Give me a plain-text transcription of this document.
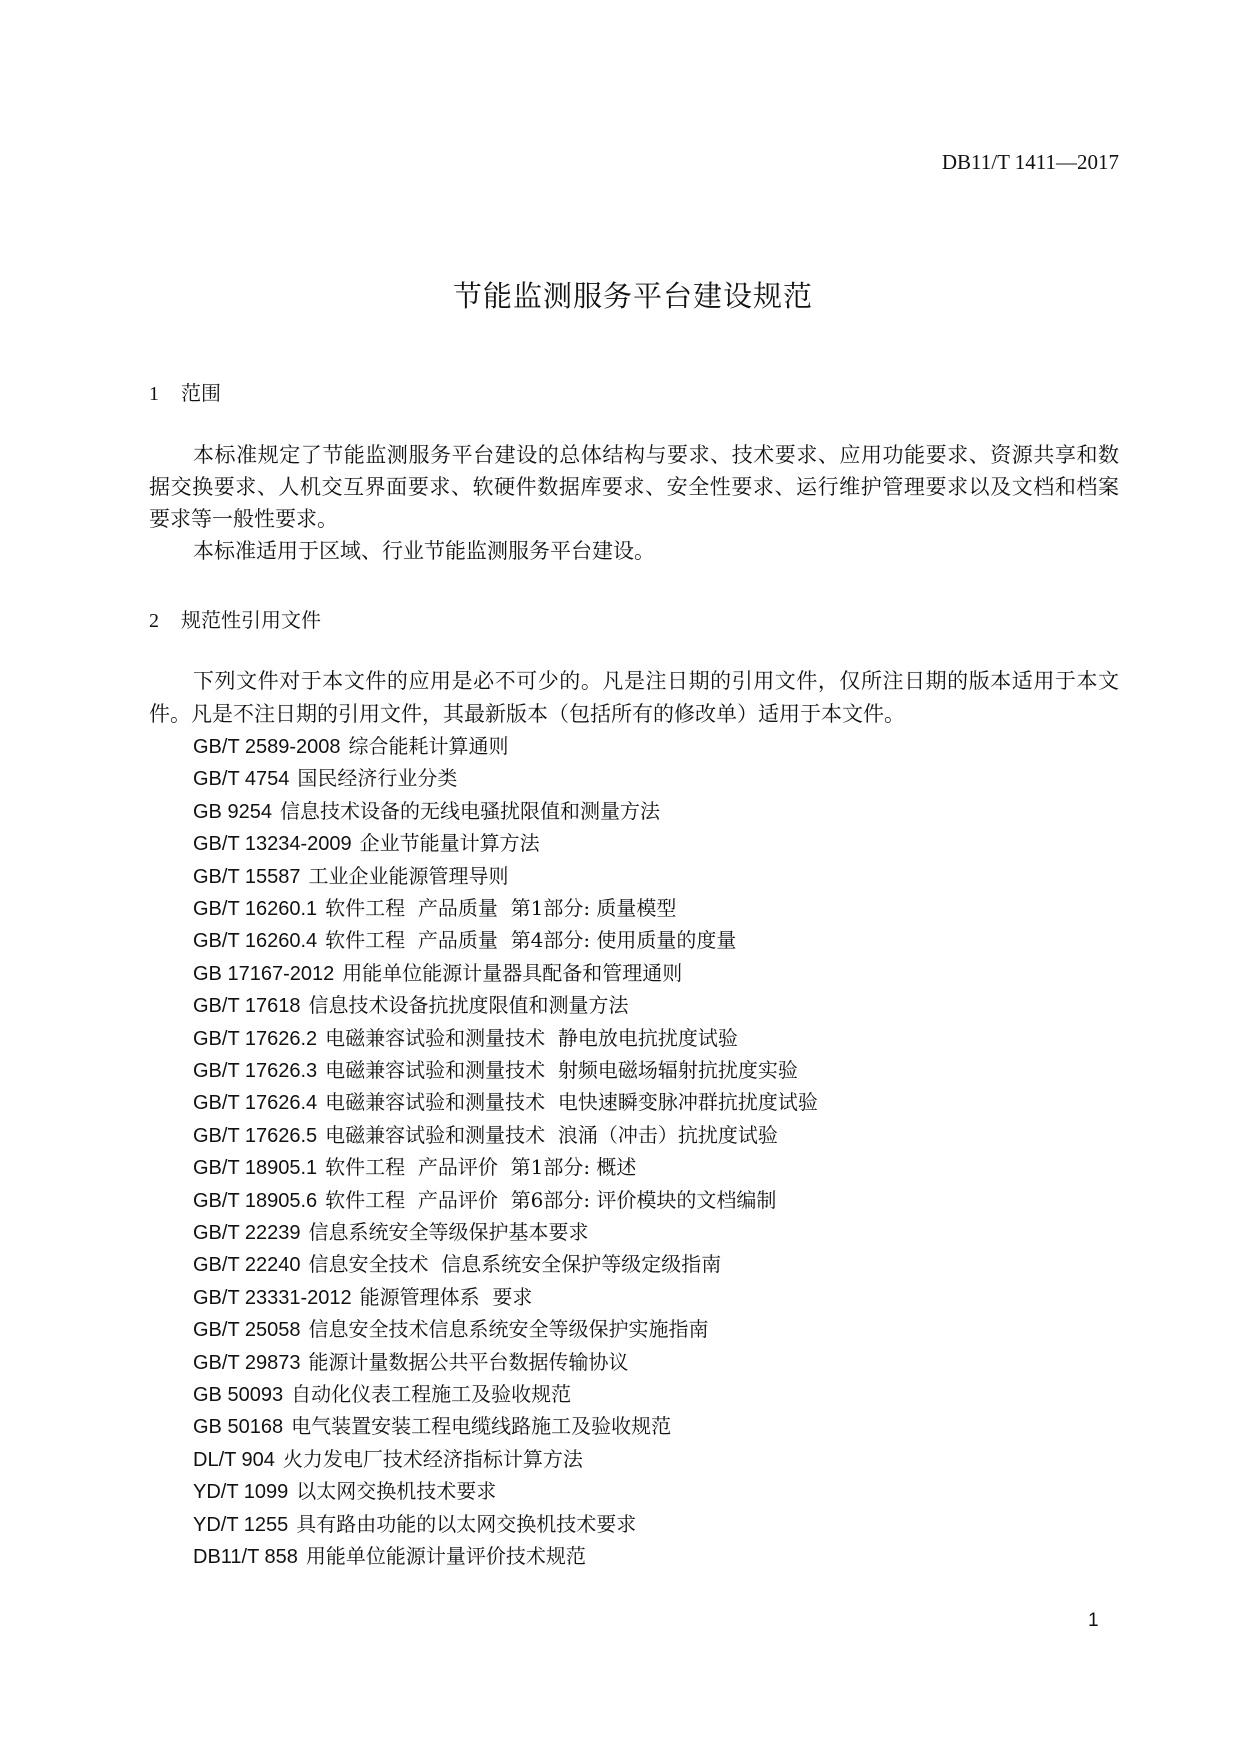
DB11/T 1411—2017
节能监测服务平台建设规范
1 范围
本标准规定了节能监测服务平台建设的总体结构与要求、技术要求、应用功能要求、资源共享和数
据交换要求、人机交互界面要求、软硬件数据库要求、安全性要求、运行维护管理要求以及文档和档案
要求等一般性要求。
本标准适用于区域、行业节能监测服务平台建设。
2 规范性引用文件
下列文件对于本文件的应用是必不可少的。凡是注日期的引用文件，仅所注日期的版本适用于本文
件。凡是不注日期的引用文件，其最新版本（包括所有的修改单）适用于本文件。
GB/T 2589-2008 综合能耗计算通则
GB/T 4754 国民经济行业分类
GB 9254 信息技术设备的无线电骚扰限值和测量方法
GB/T 13234-2009 企业节能量计算方法
GB/T 15587 工业企业能源管理导则
GB/T 16260.1 软件工程  产品质量  第1部分: 质量模型
GB/T 16260.4 软件工程  产品质量  第4部分: 使用质量的度量
GB 17167-2012 用能单位能源计量器具配备和管理通则
GB/T 17618 信息技术设备抗扰度限值和测量方法
GB/T 17626.2 电磁兼容试验和测量技术  静电放电抗扰度试验
GB/T 17626.3 电磁兼容试验和测量技术  射频电磁场辐射抗扰度实验
GB/T 17626.4 电磁兼容试验和测量技术  电快速瞬变脉冲群抗扰度试验
GB/T 17626.5 电磁兼容试验和测量技术  浪涌（冲击）抗扰度试验
GB/T 18905.1 软件工程  产品评价  第1部分: 概述
GB/T 18905.6 软件工程  产品评价  第6部分: 评价模块的文档编制
GB/T 22239 信息系统安全等级保护基本要求
GB/T 22240 信息安全技术  信息系统安全保护等级定级指南
GB/T 23331-2012 能源管理体系  要求
GB/T 25058 信息安全技术信息系统安全等级保护实施指南
GB/T 29873 能源计量数据公共平台数据传输协议
GB 50093 自动化仪表工程施工及验收规范
GB 50168 电气装置安装工程电缆线路施工及验收规范
DL/T 904 火力发电厂技术经济指标计算方法
YD/T 1099 以太网交换机技术要求
YD/T 1255 具有路由功能的以太网交换机技术要求
DB11/T 858 用能单位能源计量评价技术规范
1
